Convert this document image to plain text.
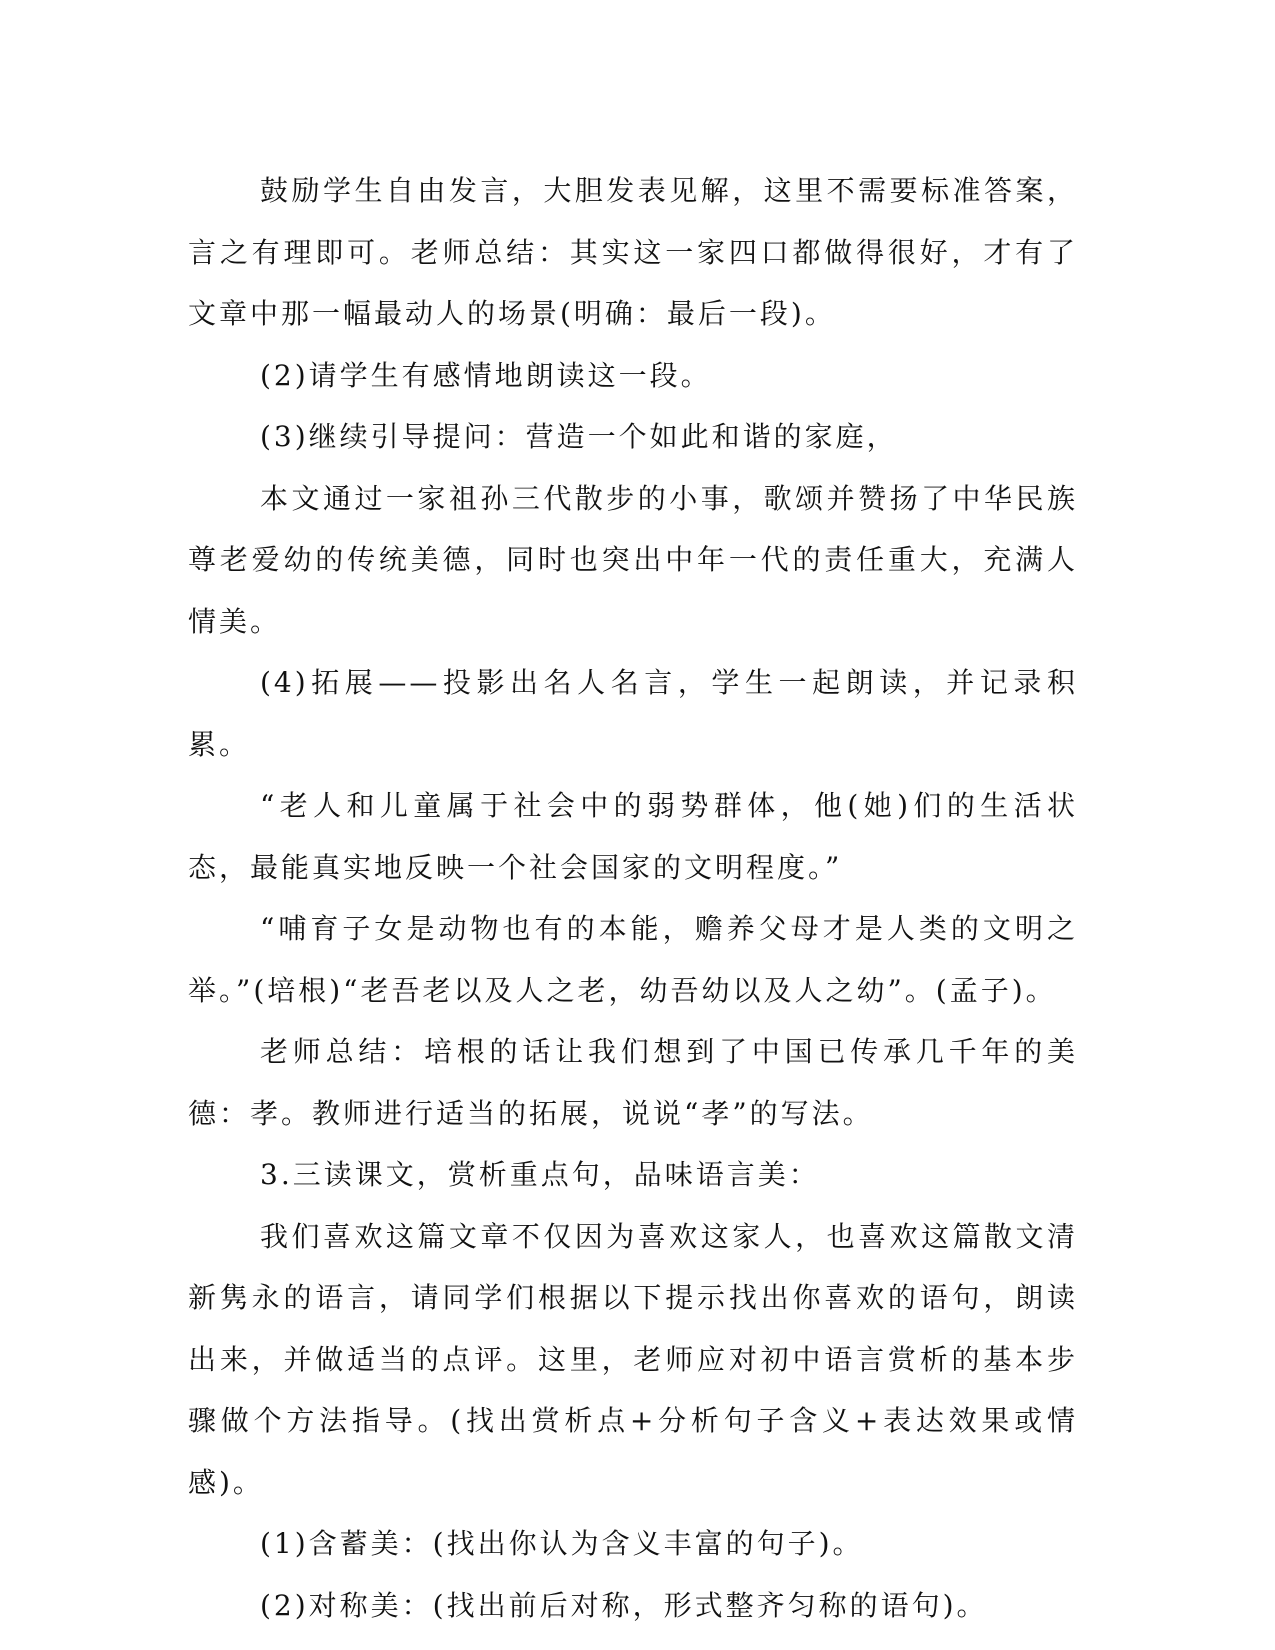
鼓励学生自由发言，大胆发表见解，这里不需要标准答案，言之有理即可。老师总结：其实这一家四口都做得很好，才有了文章中那一幅最动人的场景(明确：最后一段)。

(2)请学生有感情地朗读这一段。

(3)继续引导提问：营造一个如此和谐的家庭，

本文通过一家祖孙三代散步的小事，歌颂并赞扬了中华民族尊老爱幼的传统美德，同时也突出中年一代的责任重大，充满人情美。

(4)拓展——投影出名人名言，学生一起朗读，并记录积累。

“老人和儿童属于社会中的弱势群体，他(她)们的生活状态，最能真实地反映一个社会国家的文明程度。”

“哺育子女是动物也有的本能，赡养父母才是人类的文明之举。”(培根)“老吾老以及人之老，幼吾幼以及人之幼”。(孟子)。

老师总结：培根的话让我们想到了中国已传承几千年的美德：孝。教师进行适当的拓展，说说“孝”的写法。

3.三读课文，赏析重点句，品味语言美：

我们喜欢这篇文章不仅因为喜欢这家人，也喜欢这篇散文清新隽永的语言，请同学们根据以下提示找出你喜欢的语句，朗读出来，并做适当的点评。这里，老师应对初中语言赏析的基本步骤做个方法指导。(找出赏析点+分析句子含义+表达效果或情感)。

(1)含蓄美：(找出你认为含义丰富的句子)。

(2)对称美：(找出前后对称，形式整齐匀称的语句)。
